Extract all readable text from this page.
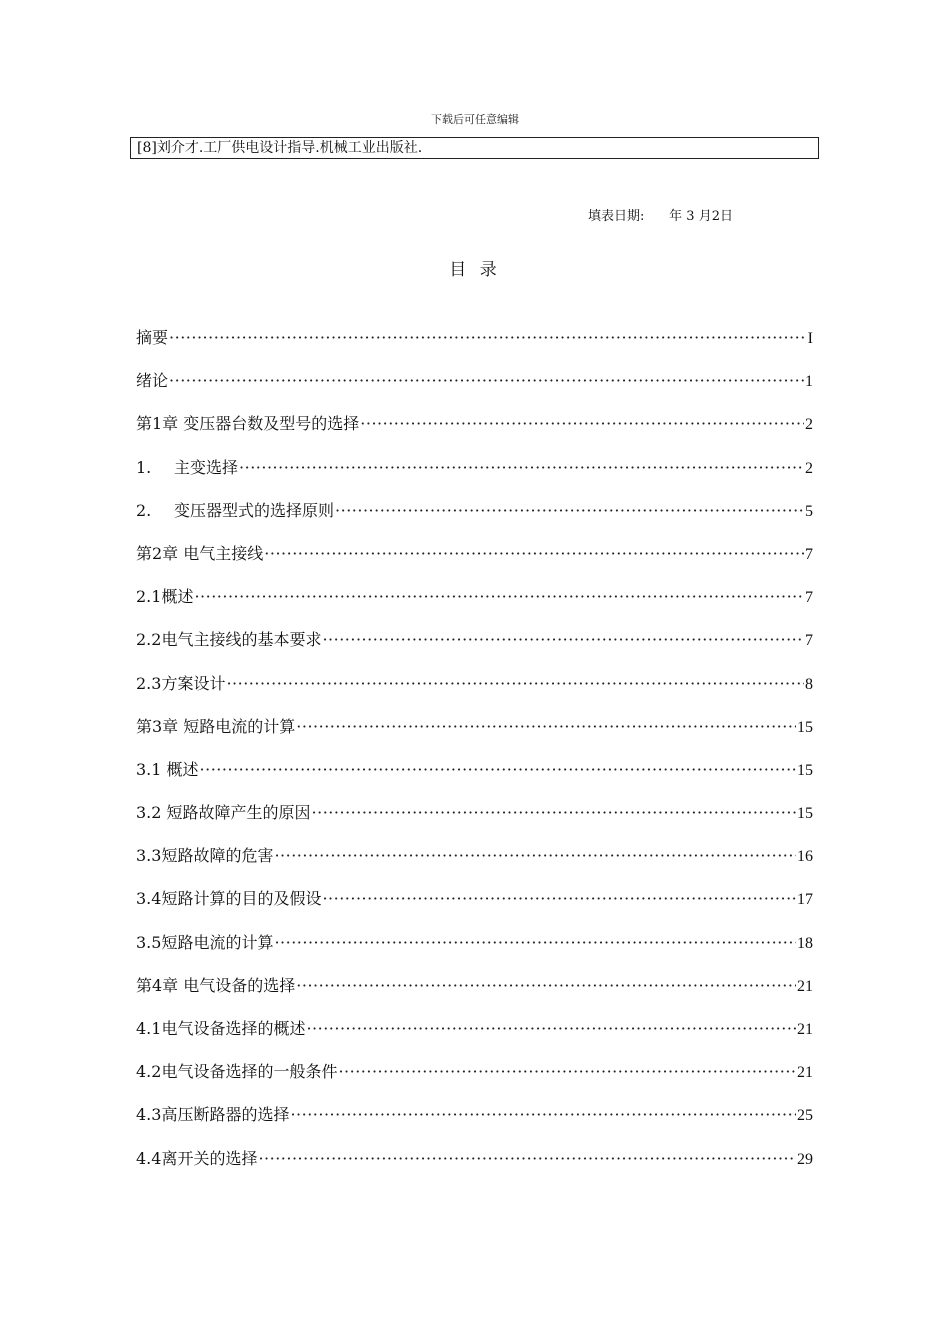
下载后可任意编辑
[8]刘介才.工厂供电设计指导.机械工业出版社.
填表日期:      年 3 月2日
目 录
摘要 ·····	I
绪论 ·····	1
第1章 变压器台数及型号的选择 ·····	2
1.	主变选择 ·····	2
2.	变压器型式的选择原则 ·····	5
第2章 电气主接线 ·····	7
2.1概述 ·····	7
2.2电气主接线的基本要求 ·····	7
2.3方案设计 ·····	8
第3章 短路电流的计算 ·····	15
3.1 概述 ·····	15
3.2 短路故障产生的原因 ·····	15
3.3短路故障的危害 ·····	16
3.4短路计算的目的及假设 ·····	17
3.5短路电流的计算 ·····	18
第4章 电气设备的选择 ·····	21
4.1电气设备选择的概述 ·····	21
4.2电气设备选择的一般条件 ·····	21
4.3高压断路器的选择 ·····	25
4.4离开关的选择 ·····	29
